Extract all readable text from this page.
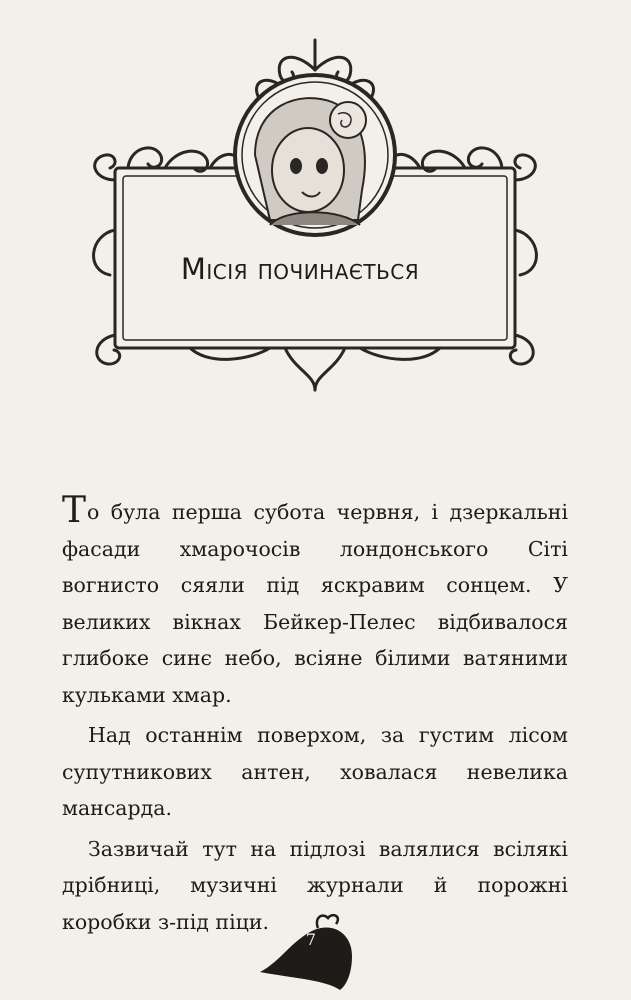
Місія починається

То була перша субота червня, і дзеркальні фасади хмарочосів лондонського Сіті вогнисто сяяли під яскравим сонцем. У великих вікнах Бейкер-Пелес відбивалося глибоке синє небо, всіяне білими ватяними кульками хмар.

Над останнім поверхом, за густим лісом супутникових антен, ховалася невелика мансарда.

Зазвичай тут на підлозі валялися всілякі дрібниці, музичні журнали й порожні коробки з-під піци.

7
